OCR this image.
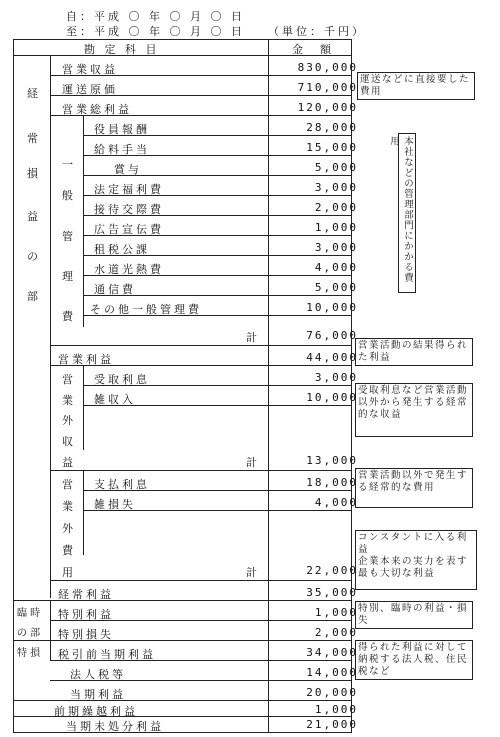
自：平成 〇 年 〇 月 〇 日
至：平成 〇 年 〇 月 〇 日 （単位：千円）
勘 定 科 目	金　額
経
常
損
益
の
部
一
般
管
理
費
営
業
外
収
益
営
業
外
費
用
臨 時
の 部
特 損
営業収益
運送原価
営業総利益
役員報酬
給料手当
賞与
法定福利費
接待交際費
広告宣伝費
租税公課
水道光熱費
通信費
その他一般管理費
計
営業利益
受取利息
雑収入
計
支払利息
雑損失
計
経常利益
特別利益
特別損失
税引前当期利益
法人税等
当期利益
前期繰越利益
当期未処分利益
830,000
710,000
120,000
28,000
15,000
5,000
3,000
2,000
1,000
3,000
4,000
5,000
10,000
76,000
44,000
3,000
10,000
13,000
18,000
4,000
22,000
35,000
1,000
2,000
34,000
14,000
20,000
1,000
21,000
運送などに直接要した費用
本社などの管理部門にかかる費用
営業活動の結果得られた利益
受取利息など営業活動以外から発生する経常的な収益
営業活動以外で発生する経常的な費用
コンスタントに入る利益
企業本来の実力を表す最も大切な利益
特別、臨時の利益・損失
得られた利益に対して納税する法人税、住民税など
